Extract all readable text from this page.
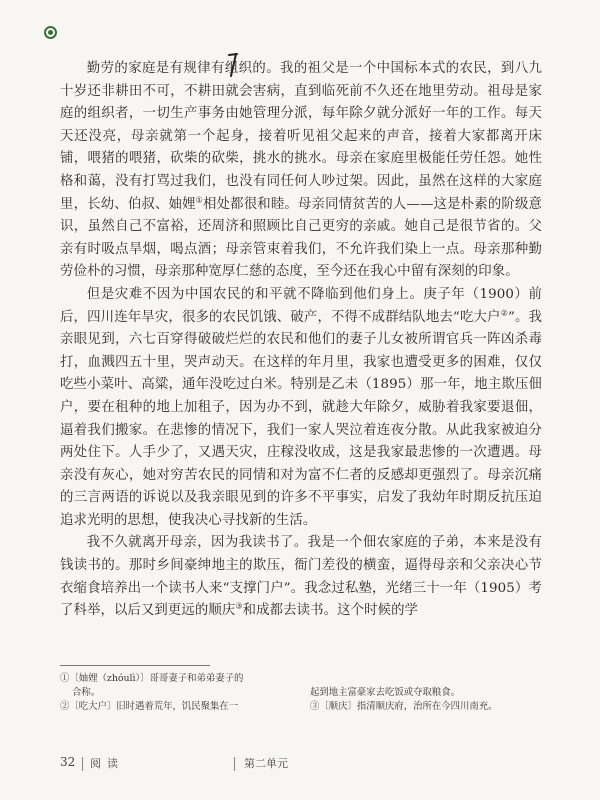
勤劳的家庭是有规律有组织的。我的祖父是一个中国标本式的农民，到八九十岁还非耕田不可，不耕田就会害病，直到临死前不久还在地里劳动。祖母是家庭的组织者，一切生产事务由她管理分派，每年除夕就分派好一年的工作。每天天还没亮，母亲就第一个起身，接着听见祖父起来的声音，接着大家都离开床铺，喂猪的喂猪，砍柴的砍柴，挑水的挑水。母亲在家庭里极能任劳任怨。她性格和蔼，没有打骂过我们，也没有同任何人吵过架。因此，虽然在这样的大家庭里，长幼、伯叔、妯娌①相处都很和睦。母亲同情贫苦的人——这是朴素的阶级意识，虽然自己不富裕，还周济和照顾比自己更穷的亲戚。她自己是很节省的。父亲有时吸点旱烟，喝点酒；母亲管束着我们，不允许我们染上一点。母亲那种勤劳俭朴的习惯，母亲那种宽厚仁慈的态度，至今还在我心中留有深刻的印象。

但是灾难不因为中国农民的和平就不降临到他们身上。庚子年（1900）前后，四川连年旱灾，很多的农民饥饿、破产，不得不成群结队地去“吃大户②”。我亲眼见到，六七百穿得破破烂烂的农民和他们的妻子儿女被所谓官兵一阵凶杀毒打，血溅四五十里，哭声动天。在这样的年月里，我家也遭受更多的困难，仅仅吃些小菜叶、高粱，通年没吃过白米。特别是乙未（1895）那一年，地主欺压佃户，要在租种的地上加租子，因为办不到，就趁大年除夕，威胁着我家要退佃，逼着我们搬家。在悲惨的情况下，我们一家人哭泣着连夜分散。从此我家被迫分两处住下。人手少了，又遇天灾，庄稼没收成，这是我家最悲惨的一次遭遇。母亲没有灰心，她对穷苦农民的同情和对为富不仁者的反感却更强烈了。母亲沉痛的三言两语的诉说以及我亲眼见到的许多不平事实，启发了我幼年时期反抗压迫追求光明的思想，使我决心寻找新的生活。

我不久就离开母亲，因为我读书了。我是一个佃农家庭的子弟，本来是没有钱读书的。那时乡间豪绅地主的欺压，衙门差役的横蛮，逼得母亲和父亲决心节衣缩食培养出一个读书人来“支撑门户”。我念过私塾，光绪三十一年（1905）考了科举，以后又到更远的顺庆③和成都去读书。这个时候的学

①〔妯娌（zhóulì）〕哥哥妻子和弟弟妻子的

合称。

②〔吃大户〕旧时遇着荒年，饥民聚集在一

起到地主富豪家去吃饭或夺取粮食。

③〔顺庆〕指清顺庆府，治所在今四川南充。

32 阅读	第二单元
